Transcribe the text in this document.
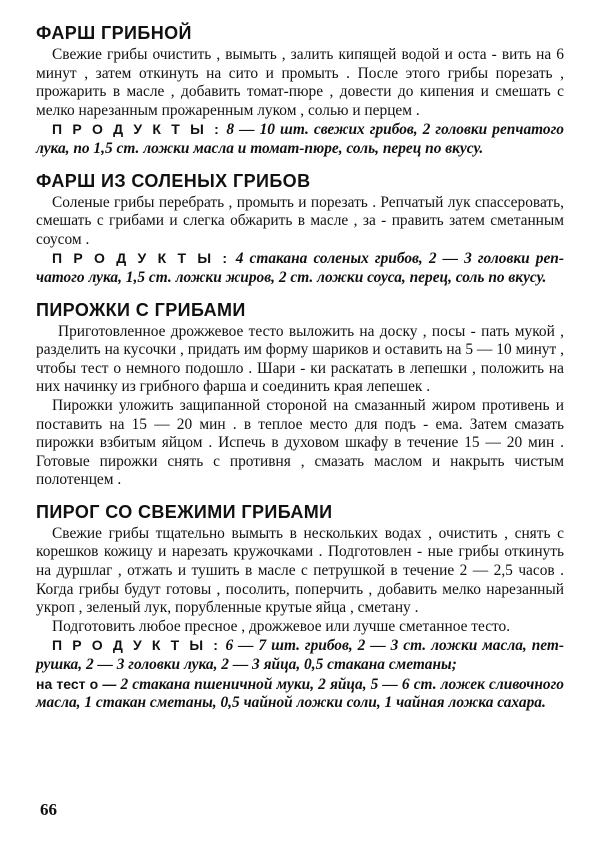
ФАРШ ГРИБНОЙ

Свежие грибы очистить , вымыть , залить кипящей водой и оста - вить на 6 минут , затем откинуть на сито и промыть . После этого грибы порезать , прожарить в масле , добавить томат-пюре , довести до кипения и смешать с мелко нарезанным прожаренным луком , солью и перцем .

П Р О Д У К Т Ы : 8 — 10 шт. свежих грибов, 2 головки репчатого лука, по 1,5 ст. ложки масла и томат-пюре, соль, перец по вкусу.

ФАРШ ИЗ СОЛЕНЫХ ГРИБОВ

Соленые грибы перебрать , промыть и порезать . Репчатый лук спассеровать, смешать с грибами и слегка обжарить в масле , за - править затем сметанным соусом .

П Р О Д У К Т Ы : 4 стакана соленых грибов, 2 — 3 головки реп-чатого лука, 1,5 ст. ложки жиров, 2 ст. ложки соуса, перец, соль по вкусу.

ПИРОЖКИ С ГРИБАМИ

Приготовленное дрожжевое тесто выложить на доску , посы - пать мукой , разделить на кусочки , придать им форму шариков и оставить на 5 — 10 минут , чтобы тест о немного подошло . Шари - ки раскатать в лепешки , положить на них начинку из грибного фарша и соединить края лепешек .

Пирожки уложить защипанной стороной на смазанный жиром противень и поставить на 15 — 20 мин . в теплое место для подъ - ема. Затем смазать пирожки взбитым яйцом . Испечь в духовом шкафу в течение 15 — 20 мин . Готовые пирожки снять с противня , смазать маслом и накрыть чистым полотенцем .

ПИРОГ СО СВЕЖИМИ ГРИБАМИ

Свежие грибы тщательно вымыть в нескольких водах , очистить , снять с корешков кожицу и нарезать кружочками . Подготовлен - ные грибы откинуть на дуршлаг , отжать и тушить в масле с петрушкой в течение 2 — 2,5 часов . Когда грибы будут готовы , посолить, поперчить , добавить мелко нарезанный укроп , зеленый лук, порубленные крутые яйца , сметану .

Подготовить любое пресное , дрожжевое или лучше сметанное тесто.

П Р О Д У К Т Ы : 6 — 7 шт. грибов, 2 — 3 ст. ложки масла, пет-рушка, 2 — 3 головки лука, 2 — 3 яйца, 0,5 стакана сметаны;

на тест о — 2 стакана пшеничной муки, 2 яйца, 5 — 6 ст. ложек сливочного масла, 1 стакан сметаны, 0,5 чайной ложки соли, 1 чайная ложка сахара.

66
